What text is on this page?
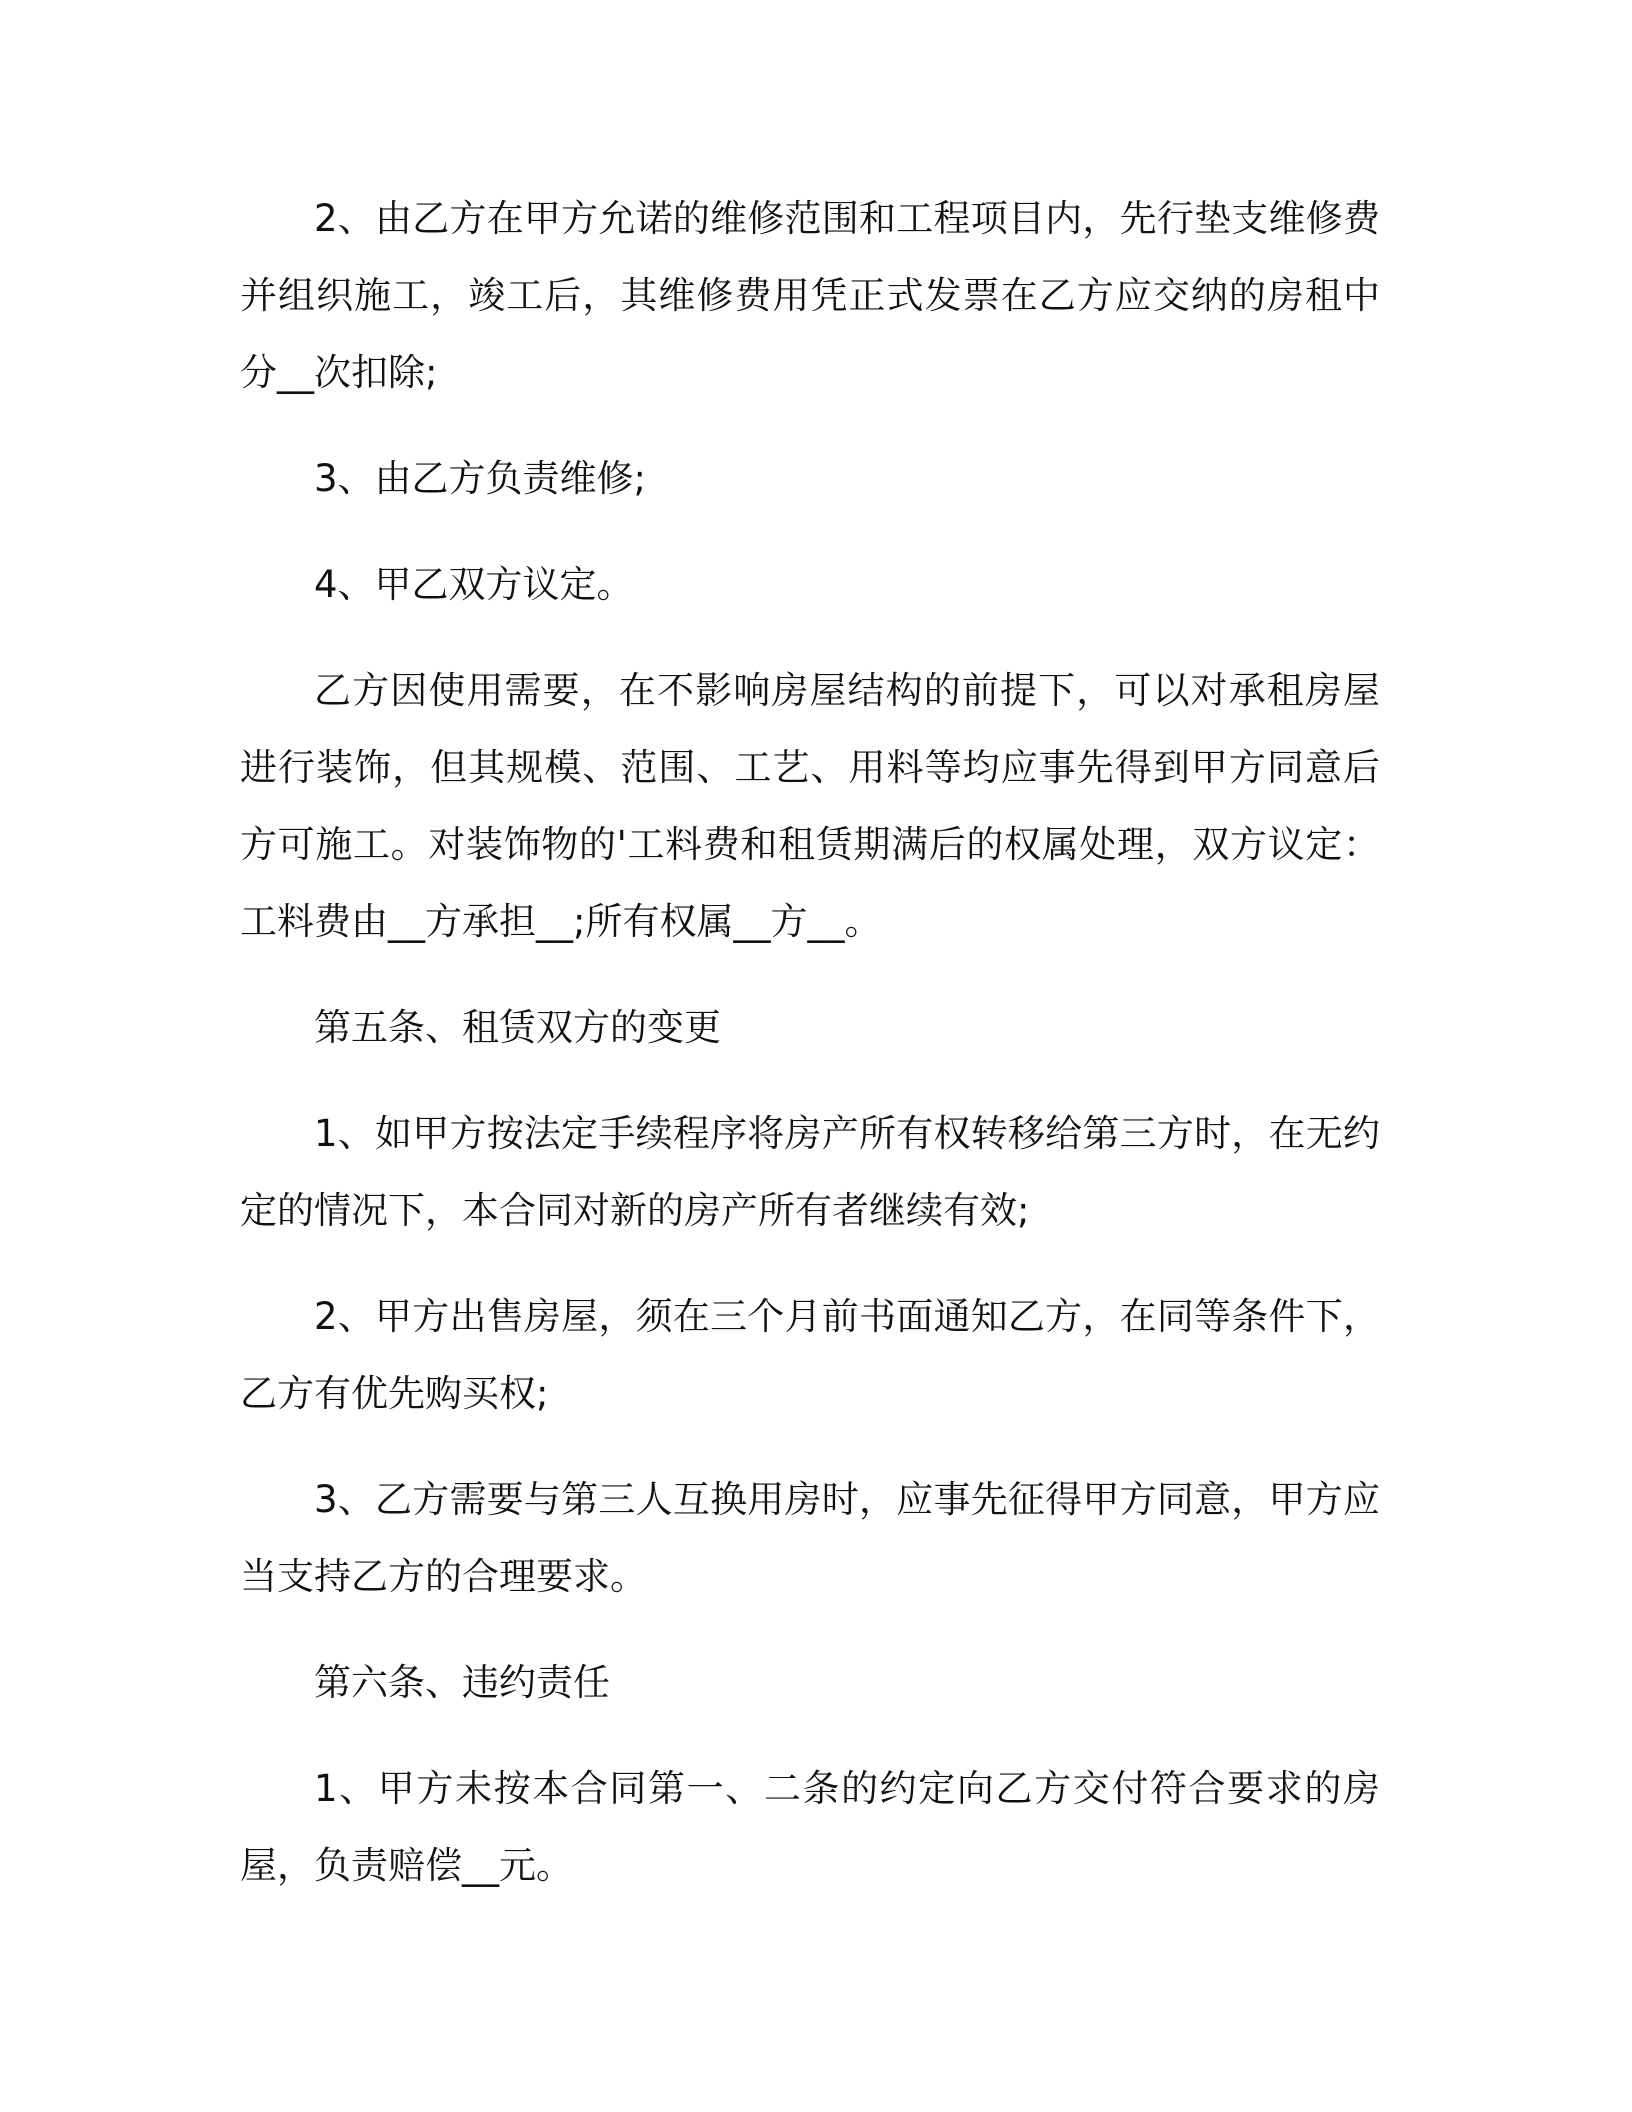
2、由乙方在甲方允诺的维修范围和工程项目内，先行垫支维修费并组织施工，竣工后，其维修费用凭正式发票在乙方应交纳的房租中分__次扣除;

3、由乙方负责维修;

4、甲乙双方议定。

乙方因使用需要，在不影响房屋结构的前提下，可以对承租房屋进行装饰，但其规模、范围、工艺、用料等均应事先得到甲方同意后方可施工。对装饰物的'工料费和租赁期满后的权属处理，双方议定：工料费由__方承担__;所有权属__方__。

第五条、租赁双方的变更

1、如甲方按法定手续程序将房产所有权转移给第三方时，在无约定的情况下，本合同对新的房产所有者继续有效;

2、甲方出售房屋，须在三个月前书面通知乙方，在同等条件下，乙方有优先购买权;

3、乙方需要与第三人互换用房时，应事先征得甲方同意，甲方应当支持乙方的合理要求。

第六条、违约责任

1、甲方未按本合同第一、二条的约定向乙方交付符合要求的房屋，负责赔偿__元。
